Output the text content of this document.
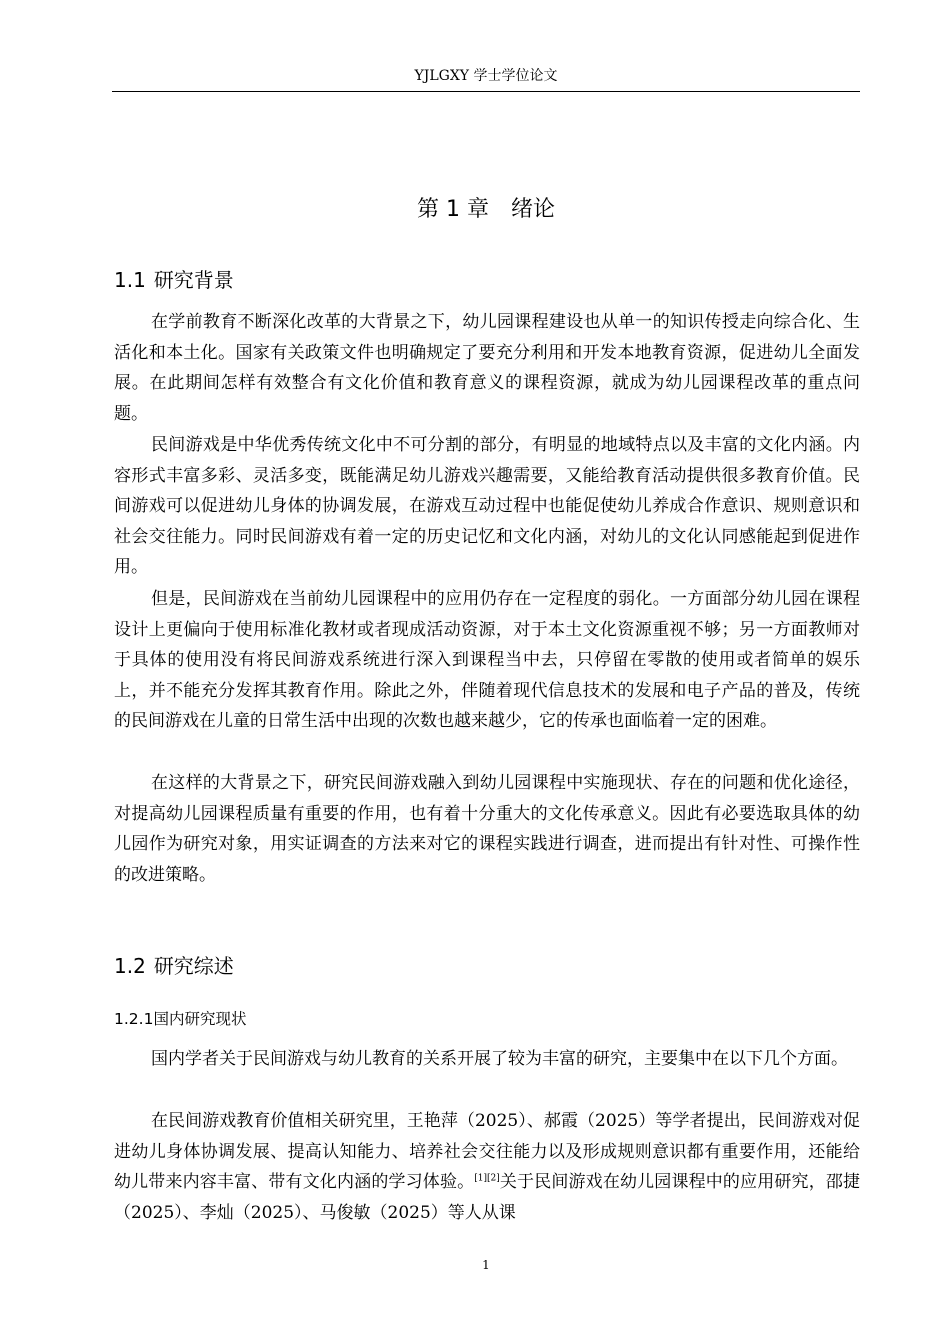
YJLGXY 学士学位论文
第 1 章　绪论
1.1 研究背景

在学前教育不断深化改革的大背景之下，幼儿园课程建设也从单一的知识传授走向综合化、生活化和本土化。国家有关政策文件也明确规定了要充分利用和开发本地教育资源，促进幼儿全面发展。在此期间怎样有效整合有文化价值和教育意义的课程资源，就成为幼儿园课程改革的重点问题。

民间游戏是中华优秀传统文化中不可分割的部分，有明显的地域特点以及丰富的文化内涵。内容形式丰富多彩、灵活多变，既能满足幼儿游戏兴趣需要，又能给教育活动提供很多教育价值。民间游戏可以促进幼儿身体的协调发展，在游戏互动过程中也能促使幼儿养成合作意识、规则意识和社会交往能力。同时民间游戏有着一定的历史记忆和文化内涵，对幼儿的文化认同感能起到促进作用。

但是，民间游戏在当前幼儿园课程中的应用仍存在一定程度的弱化。一方面部分幼儿园在课程设计上更偏向于使用标准化教材或者现成活动资源，对于本土文化资源重视不够；另一方面教师对于具体的使用没有将民间游戏系统进行深入到课程当中去，只停留在零散的使用或者简单的娱乐上，并不能充分发挥其教育作用。除此之外，伴随着现代信息技术的发展和电子产品的普及，传统的民间游戏在儿童的日常生活中出现的次数也越来越少，它的传承也面临着一定的困难。

在这样的大背景之下，研究民间游戏融入到幼儿园课程中实施现状、存在的问题和优化途径，对提高幼儿园课程质量有重要的作用，也有着十分重大的文化传承意义。因此有必要选取具体的幼儿园作为研究对象，用实证调查的方法来对它的课程实践进行调查，进而提出有针对性、可操作性的改进策略。

1.2 研究综述
1.2.1国内研究现状

国内学者关于民间游戏与幼儿教育的关系开展了较为丰富的研究，主要集中在以下几个方面。

在民间游戏教育价值相关研究里，王艳萍（2025）、郝霞（2025）等学者提出，民间游戏对促进幼儿身体协调发展、提高认知能力、培养社会交往能力以及形成规则意识都有重要作用，还能给幼儿带来内容丰富、带有文化内涵的学习体验。[1][2]关于民间游戏在幼儿园课程中的应用研究，邵捷（2025）、李灿（2025）、马俊敏（2025）等人从课

1
